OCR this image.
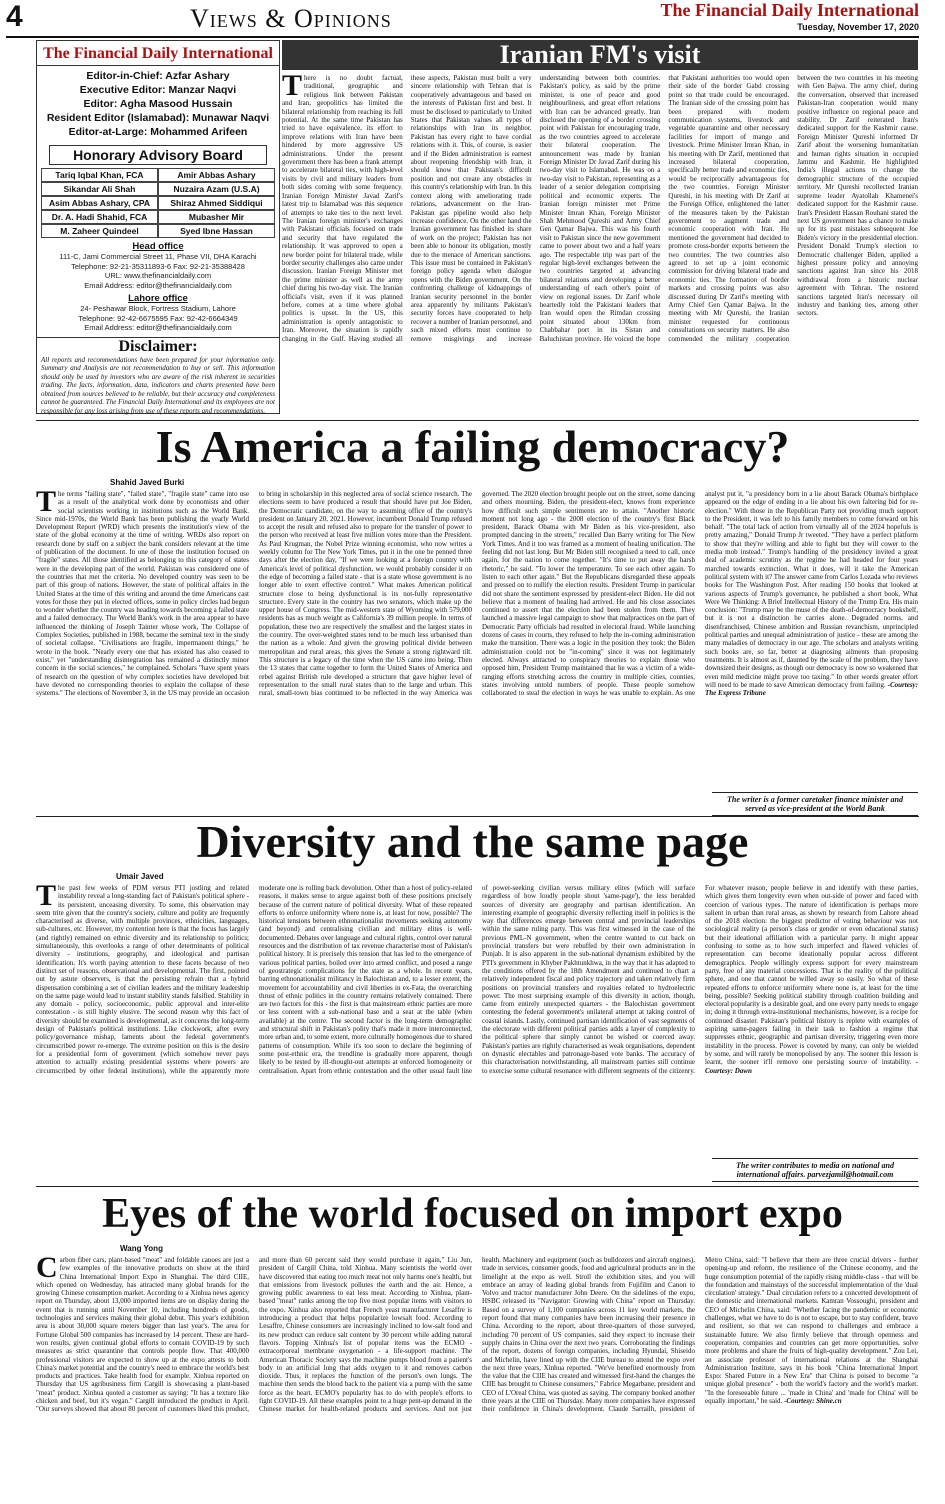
4	Views & Opinions	The Financial Daily International
Tuesday, November 17, 2020
The Financial Daily International
Editor-in-Chief: Azfar Ashary
Executive Editor: Manzar Naqvi
Editor: Agha Masood Hussain
Resident Editor (Islamabad): Munawar Naqvi
Editor-at-Large: Mohammed Arifeen
Honorary Advisory Board
Tariq Iqbal Khan, FCA	Amir Abbas Ashary
Sikandar Ali Shah	Nuzaira Azam (U.S.A)
Asim Abbas Ashary, CPA	Shiraz Ahmed Siddiqui
Dr. A. Hadi Shahid, FCA	Mubasher Mir
M. Zaheer Quindeel	Syed Ibne Hassan
Head office
111-C, Jami Commercial Street 11, Phase VII, DHA Karachi
Telephone: 92-21-35311893-6 Fax: 92-21-35388428
URL: www.thefinancialdaily.com
Email Address: editor@thefinancialdaily.com
Lahore office
24- Peshawar Block, Fortress Stadium, Lahore
Telephone: 92-42-6675595 Fax: 92-42-6664349
Email Address: editor@thefinancialdaily.com
Disclaimer:
All reports and recommendations have been prepared for your information only. Summary and Analysis are not recommendation to buy or sell. This information should only be used by investors who are aware of the risk inherent in securities trading. The facts, information, data, indicators and charts presented have been obtained from sources believed to be reliable, but their accuracy and completeness cannot be guaranteed. The Financial Daily International and its employees are not responsible for any loss arising from use of these reports and recommendations.
Iranian FM's visit
There is no doubt factual, traditional, geographic and religious link between Pakistan and Iran, geopolitics has limited the bilateral relationship from reaching its full potential. At the same time Pakistan has tried to have equivalence, its effort to improve relations with Iran have been hindered by more aggressive US administrations. Under the present government there has been a frank attempt to accelerate bilateral ties, with high-level visits by civil and military leaders from both sides coming with some frequency. Iranian Foreign Minister Javad Zarif's latest trip to Islamabad was this sequence of attempts to take ties to the next level. The Iranian foreign minister's exchanges with Pakistani officials focused on trade and security that have regulated the relationship. It was approved to open a new border point for bilateral trade, while border security challenges also came under discussion. Iranian Foreign Minister met the prime minister as well as the army chief during his two-day visit. The Iranian official's visit, even if it was planned before, comes at a time where global politics is upset. In the US, this administration is openly antagonistic to Iran. Moreover, the situation is rapidly changing in the Gulf. Having studied all these aspects, Pakistan must built a very sincere relationship with Tehran that is cooperatively advantageous and based on the interests of Pakistan first and best. It must be disclosed to particularly to United States that Pakistan values all types of relationships with Iran its neighbor. Pakistan has every right to have cordial relations with it. This, of course, is easier and if the Biden administration is earnest about reopening friendship with Iran, it should know that Pakistan's difficult position and not create any obstacles in this country's relationship with Iran. In this context along with ameliorating trade relations, advancement on the Iran-Pakistan gas pipeline would also help increase confidence. On the other hand the Iranian government has finished its share of work on the project; Pakistan has not been able to honour its obligation, mostly due to the menace of American sanctions. This issue must be contained in Pakistan's foreign policy agenda when dialogue opens with the Biden government. On the confronting challenge of kidnappings of Iranian security personnel in the border area apparently by militants Pakistan's security forces have cooperated to help recover a number of Iranian personnel, and such mixed efforts must continue to remove misgivings and increase understanding between both countries. Pakistan's policy, as said by the prime minister, is one of peace and good neighbourliness, and great effort relations with Iran can be advanced greatly. Iran disclosed the opening of a border crossing point with Pakistan for encouraging trade, as the two countries agreed to accelerate their bilateral cooperation. The announcement was made by Iranian Foreign Minister Dr Javad Zarif during his two-day visit to Islamabad. He was on a two-day visit to Pakistan, representing as a leader of a senior delegation comprising political and economic experts. The Iranian foreign minister met Prime Minister Imran Khan, Foreign Minister Shah Mehmood Qureshi and Army Chief Gen Qamar Bajwa. This was his fourth visit to Pakistan since the new government came to power about two and a half years ago. The respectable trip was part of the regular high-level exchanges between the two countries targeted at advancing bilateral relations and developing a better understanding of each other's point of view on regional issues. Dr Zarif whole heartedly told the Pakistani leaders that Iran would open the Rimdan crossing point situated about 130km from Chabbahar port in its Sistan and Baluchistan province. He voiced the hope that Pakistani authorities too would open their side of the border Gabd crossing point so that trade could be encouraged. The Iranian side of the crossing point has been prepared with modern communication systems, livestock and vegetable quarantine and other necessary facilities for import of mango and livestock. Prime Minister Imran Khan, in his meeting with Dr Zarif, mentioned that increased bilateral cooperation, specifically better trade and economic ties, would be reciprocally advantageous for the two countries. Foreign Minister Qureshi, in his meeting with Dr Zarif at the Foreign Office, enlightened the latter of the measures taken by the Pakistan government to augment trade and economic cooperation with Iran. He mentioned the government had decided to promote cross-border exports between the two countries. The two countries also agreed to set up a joint economic commission for driving bilateral trade and economic ties. The formation of border markets and crossing points was also discussed during Dr Zarif's meeting with Army Chief Gen Qamar Bajwa. In the meeting with Mr Qureshi, the Iranian minister requested for continuous consultations on security matters. He also commended the military cooperation between the two countries in his meeting with Gen Bajwa. The army chief, during the conversation, observed that increased Pakistan-Iran cooperation would many positive influence on regional peace and stability. Dr Zarif reiterated Iran's dedicated support for the Kashmir cause. Foreign Minister Qureshi informed Dr Zarif about the worsening humanitarian and human rights situation in occupied Jammu and Kashmir. He highlighted India's illegal actions to change the demographic structure of the occupied territory. Mr Qureshi recollected Iranian supreme leader Ayatollah Khamenei's dedicated support for the Kashmir cause. Iran's President Hassan Rouhani stated the next US government has a chance to make up for its past mistakes subsequent Joe Biden's victory in the presidential election. President Donald Trump's election to Democratic challenger Biden, applied a highest pressure policy and annoying sanctions against Iran since his 2018 withdrawal from a historic nuclear agreement with Tehran. The restored sanctions targeted Iran's necessary oil industry and banking ties, among other sectors.
Is America a failing democracy?
Shahid Javed Burki
The terms "failing state", "failed state", "fragile state" came into use as a result of the analytical work done by economists and other social scientists working in institutions such as the World Bank. Since mid-1970s, the World Bank has been publishing the yearly World Development Report (WRD) which presents the institution's view of the state of the global economy at the time of writing. WRDs also report on research done by staff on a subject the bank considers relevant at the time of publication of the document. In one of those the institution focused on "fragile" states. All those identified as belonging to this category of states were in the developing part of the world. Pakistan was considered one of the countries that met the criteria. No developed country was seen to be part of this group of nations. However, the state of political affairs in the United States at the time of this writing and around the time Americans cast votes for those they put in elected offices, some in policy circles had begun to wonder whether the country was heading towards becoming a failed state and a failed democracy. The World Bank's work in the area appear to have influenced the thinking of Joseph Tainter whose work, The Collapse of Complex Societies, published in 1988, became the seminal text in the study of societal collapse. "Civilisations are fragile, impermanent things," he wrote in the book. "Nearly every one that has existed has also ceased to exist," yet "understanding disintegration has remained a distinctly minor concern in the social sciences," he complained. Scholars "have spent years of research on the question of why complex societies have developed but have devoted no corresponding theories to explain the collapse of these systems." The elections of November 3, in the US may provide an occasion to bring in scholarship in this neglected area of social science research. The elections seem to have produced a result that should have put Joe Biden, the Democratic candidate, on the way to assuming office of the country's president on January 20, 2021. However, incumbent Donald Trump refused to accept the result and refused also to prepare for the transfer of power to the person who received at least five million votes more than the President. As Paul Krugman, the Nobel Prize winning economist, who now writes a weekly column for The New York Times, put it in the one he penned three days after the election day, "If we were looking at a foreign country with America's level of political dysfunction, we would probably consider it on the edge of becoming a failed state - that is a state whose government is no longer able to exert effective control." What makes American political structure close to being dysfunctional is its not-fully representative structure. Every state in the country has two senators, which make up the upper house of Congress. The mid-western state of Wyoming with 579,000 residents has as much weight as California's 39 million people. In terms of population, these two are respectively the smallest and the largest states in the country. The over-weighted states tend to be much less urbanised than the nation as a whole. And given the growing political divide between metropolitan and rural areas, this gives the Senate a strong rightward tilt. This structure is a legacy of the time when the US came into being. Then the 13 states that came together to form the United States of America and rebel against British rule developed a structure that gave higher level of representation to the small rural states than to the large and urban. This rural, small-town bias continued to be reflected in the way America was governed. The 2020 election brought people out on the street, some dancing and others mourning. Biden, the president-elect, knows from experience how difficult such simple sentiments are to attain. "Another historic moment not long ago - the 2008 election of the country's first Black president, Barack Obama with Mr Biden as his vice-president, also prompted dancing in the streets," recalled Dan Barry writing for The New York Times. And it too was framed as a moment of healing unification. The feeling did not last long. But Mr Biden still recognised a need to call, once again, for the nation to come together. "It's time to put away the harsh rhetoric," he said. "To lower the temperature. To see each other again. To listen to each other again." But the Republicans disregarded these appeals and pressed on to nullify the election results. President Trump in particular did not share the sentiment expressed by president-elect Biden. He did not believe that a moment of healing had arrived. He and his close associates continued to assert that the election had been stolen from them. They launched a massive legal campaign to show that malpractices on the part of Democratic Party officials had resulted in electoral fraud. While launching dozens of cases in courts, they refused to help the in-coming administration make the transition. There was a logic in the position they took: the Biden administration could not be "in-coming" since it was not legitimately elected. Always attracted to conspiracy theories to explain those who opposed him, President Trump maintained that he was a victim of a wide-ranging efforts stretching across the country in multiple cities, counties, states involving untold numbers of people. These people somehow collaborated to steal the election in ways he was unable to explain. As one analyst put it, "a presidency born in a lie about Barack Obama's birthplace appeared on the edge of ending in a lie about his own faltering bid for re-election." With those in the Republican Party not providing much support to the President, it was left to his family members to come forward on his behalf. "The total lack of action from virtually all of the 2024 hopefuls is pretty amazing," Donald Trump Jr tweeted. "They have a perfect platform to show that they're willing and able to fight but they will cower to the media mob instead." Trump's handling of the presidency invited a great deal of academic scrutiny as the regime he had headed for four years marched towards extinction. What it does, will it take the American political system with it? The answer came from Carlos Lozada who reviews books for The Washington Post. After reading 150 books that looked at various aspects of Trump's governance, he published a short book, What Were We Thinking: A Brief Intellectual History of the Trump Era. His main conclusion: "Trump may be the muse of the death-of-democracy bookshelf, but it is not a distinction he carries alone. Degraded norms, and disenfranchised, Chinese ambition and Russian revanchism, unprincipled political parties and unequal administration of justice - these are among the many maladies of democracy in our age. The scholars and analysts writing such books are, so far, better at diagnosing ailments than proposing treatments. It is almost as if, daunted by the scale of the problem, they have downsized their designs, as though our democracy is now so weakened that even mild medicine might prove too taxing." In other words greater effort will need to be made to save American democracy from failing. -Courtesy: The Express Tribune
The writer is a former caretaker finance minister and served as vice-president at the World Bank
Diversity and the same page
Umair Javed
The past few weeks of PDM versus PTI jostling and related instability reveal a long-standing fact of Pakistan's political sphere - its persistent, unceasing diversity. To some, this observation may seem trite given that the country's society, culture and polity are frequently characterised as diverse, with multiple provinces, ethnicities, languages, sub-cultures, etc. However, my contention here is that the focus has largely (and rightly) remained on ethnic diversity and its relationship to politics; simultaneously, this overlooks a range of other determinants of political diversity - institutions, geography, and ideological and partisan identification. It's worth paying attention to these facets because of two distinct set of reasons, observational and developmental. The first, pointed out by astute observers, is that the persisting refrain that a hybrid dispensation combining a set of civilian leaders and the military leadership on the same page would lead to instant stability stands falsified. Stability in any domain - policy, socioeconomic, public approval and inter-elite contestation - is still highly elusive. The second reason why this fact of diversity should be examined is developmental, as it concerns the long-term design of Pakistan's political institutions. Like clockwork, after every policy/governance mishap, laments about the federal government's circumscribed power re-emerge. The extreme position on this is the desire for a presidential form of government (which somehow never pays attention to actually existing presidential systems where powers are circumscribed by other federal institutions), while the apparently more moderate one is rolling back devolution. Other than a host of policy-related reasons, it makes sense to argue against both of these positions precisely because of the current nature of political diversity. What of these repeated efforts to enforce uniformity where none is, at least for now, possible? The historical tensions between ethnonationalist movements seeking autonomy (and beyond) and centralising civilian and military elites is well-documented. Debates over language and cultural rights, control over natural resources and the distribution of tax revenue characterise most of Pakistan's political history. It is precisely this tension that has led to the emergence of various political parties, boiled over into armed conflict, and posed a range of geostrategic complications for the state as a whole. In recent years, barring ethnonationalist militancy in Balochistan and, to a lesser extent, the movement for accountability and civil liberties in ex-Fata, the overarching thrust of ethnic politics in the country remains relatively contained. There are two factors for this - the first is that mainstream ethnic parties are more or less content with a sub-national base and a seat at the table (when available) at the centre. The second factor is the long-term demographic and structural shift in Pakistan's polity that's made it more interconnected, more urban and, to some extent, more culturally homogenous due to shared patterns of consumption. While it's too soon to declare the beginning of some post-ethnic era, the trendline is gradually more apparent, though likely to be tested by ill-thought-out attempts at enforced homogeneity or centralisation. Apart from ethnic contestation and the other usual fault line of power-seeking civilian versus military elites (which will surface regardless of how loudly people shout 'same-page'), the less heralded sources of diversity are geography and partisan identification. An interesting example of geographic diversity reflecting itself in politics is the way that differences emerge between central and provincial leaderships within the same ruling party. This was first witnessed in the case of the previous PML-N government, when the centre wanted to cut back on provincial transfers but were rebuffed by their own administration in Punjab. It is also apparent in the sub-national dynamism exhibited by the PTI's government in Khyber Pakhtunkhwa, in the way that it has adapted to the conditions offered by the 18th Amendment and continued to chart a relatively independent fiscal and policy trajectory and taken relatively firm positions on provincial transfers and royalties related to hydroelectric power. The most surprising example of this diversity in action, though, came from entirely unexpected quarters - the Balochistan government contesting the federal government's unilateral attempt at taking control of coastal islands. Lastly, continued partisan identification of vast segments of the electorate with different political parties adds a layer of complexity to the political sphere that simply cannot be wished or coerced away. Pakistan's parties are rightly characterised as weak organisations, dependent on dynastic electables and patronage-based vote banks. The accuracy of this characterisation notwithstanding, all mainstream parties still continue to exercise some cultural resonance with different segments of the citizenry. For whatever reason, people believe in and identify with these parties, which gives them longevity even when out-side of power and faced with coercion of various types. The nature of identification is perhaps more salient in urban than rural areas, as shown by research from Lahore ahead of the 2018 election: the biggest predictor of voting behaviour was not sociological reality (a person's class or gender or even educational status) but their ideational affiliation with a particular party. It might appear confusing to some as to how such imperfect and flawed vehicles of representation can become ideationally popular across different demographics. People willingly express support for every mainstream party, free of any material concessions. That is the reality of the political sphere, and one that cannot be willed away so easily. So what of these repeated efforts to enforce uniformity where none is, at least for the time being, possible? Seeking political stability through coalition building and electoral popularity is a desirable goal, and one every party needs to engage in; doing it through extra-institutional mechanisms, however, is a recipe for continued disaster. Pakistan's political history is replete with examples of aspiring same-pagers failing in their task to fashion a regime that suppresses ethnic, geographic and partisan diversity, triggering even more instability in the process. Power is coveted by many, can only be wielded by some, and will rarely be monopolised by any. The sooner this lesson is learnt, the sooner it'll remove one persisting source of instability. -Courtesy: Dawn
The writer contributes to media on national and international affairs. parvezjamil@hotmail.com
Eyes of the world focused on import expo
Wang Yong
Carbon fiber cars, plant-based "meat" and foldable canoes are just a few examples of the innovative products on show at the third China International Import Expo in Shanghai. The third CIIE, which opened on Wednesday, has attracted many global brands for the growing Chinese consumption market. According to a Xinhua news agency report on Thursday, about 13,000 imported items are on display during the event that is running until November 10, including hundreds of goods, technologies and services making their global debut. This year's exhibition area is about 30,000 square meters bigger than last year's. The area for Fortune Global 500 companies has increased by 14 percent. These are hard-won results, given continual global efforts to contain COVID-19 by such measures as strict quarantine that controls people flow. That 400,000 professional visitors are expected to show up at the expo attests to both China's market potential and the country's need to embrace the world's best products and practices. Take health food for example. Xinhua reported on Thursday that US agribusiness firm Cargill is showcasing a plant-based "meat" product. Xinhua quoted a customer as saying: "It has a texture like chicken and beef, but it's vegan." Cargill introduced the product in April. "Our surveys showed that about 80 percent of customers liked this product, and more than 60 percent said they would purchase it again," Liu Jun, president of Cargill China, told Xinhua. Many scientists the world over have discovered that eating too much meat not only harms one's health, but that emissions from livestock pollutes the earth and the air. Hence, a growing public awareness to eat less meat. According to Xinhua, plant-based "meat" ranks among the top five most popular items with visitors to the expo. Xinhua also reported that French yeast manufacturer Lesaffre is introducing a product that helps popularize lowsalt food. According to Lesaffre, Chinese consumers are increasingly inclined to low-salt food and its new product can reduce salt content by 30 percent while adding natural flavors. Topping Xinhua's list of popular items was the ECMO - extracorporeal membrane oxygenation - a life-support machine. The American Thoracic Society says the machine pumps blood from a patient's body to an artificial lung that adds oxygen to it and removes carbon dioxide. Thus, it replaces the function of the person's own lungs. The machine then sends the blood back to the patient via a pump with the same force as the heart. ECMO's popularity has to do with people's efforts to fight COVID-19. All these examples point to a huge pent-up demand in the Chinese market for health-related products and services. And not just health. Machinery and equipment (such as bulldozers and aircraft engines), trade in services, consumer goods, food and agricultural products are in the limelight at the expo as well. Stroll the exhibition sites, and you will embrace an array of leading global brands from Fujifilm and Canon to Volvo and tractor manufacturer John Deere. On the sidelines of the expo, HSBC released its "Navigator: Growing with China" report on Thursday. Based on a survey of 1,100 companies across 11 key world markets, the report found that many companies have been increasing their presence in China. According to the report, about three-quarters of those surveyed, including 70 percent of US companies, said they expect to increase their supply chains in China over the next two years. Corroborating the findings of the report, dozens of foreign companies, including Hyundai, Shiseido and Michelin, have lined up with the CIIE bureau to attend the expo over the next three years, Xinhua reported. "We've benefited enormously from the value that the CIIE has created and witnessed first-hand the changes the CIIE has brought to Chinese consumers," Fabrice Megarbane, president and CEO of L'Oreal China, was quoted as saying. The company booked another three years at the CIIE on Thursday. Many more companies have expressed their confidence in China's development. Claude Sarrailh, president of Metro China, said: "I believe that there are three crucial drivers - further opening-up and reform, the resilience of the Chinese economy, and the huge consumption potential of the rapidly rising middle-class - that will be the foundation and mainstays of the successful implementation of the 'dual circulation' strategy." Dual circulation refers to a concerted development of the domestic and international markets. Kamran Vossoughi, president and CEO of Michelin China, said: "Whether facing the pandemic or economic challenges, what we have to do is not to escape, but to stay confident, brave and resilient, so that we can respond to challenges and embrace a sustainable future. We also firmly believe that through openness and cooperation, companies and countries can get more opportunities, solve more problems and share the fruits of high-quality development." Zou Lei, an associate professor of international relations at the Shanghai Administration Institute, says in his book "China International Import Expo: Shared Future in a New Era" that China is poised to become "a unique global presence" - both the world's factory and the world's market. "In the foreseeable future ... 'made in China' and 'made for China' will be equally important," he said. -Courtesy: Shine.cn
